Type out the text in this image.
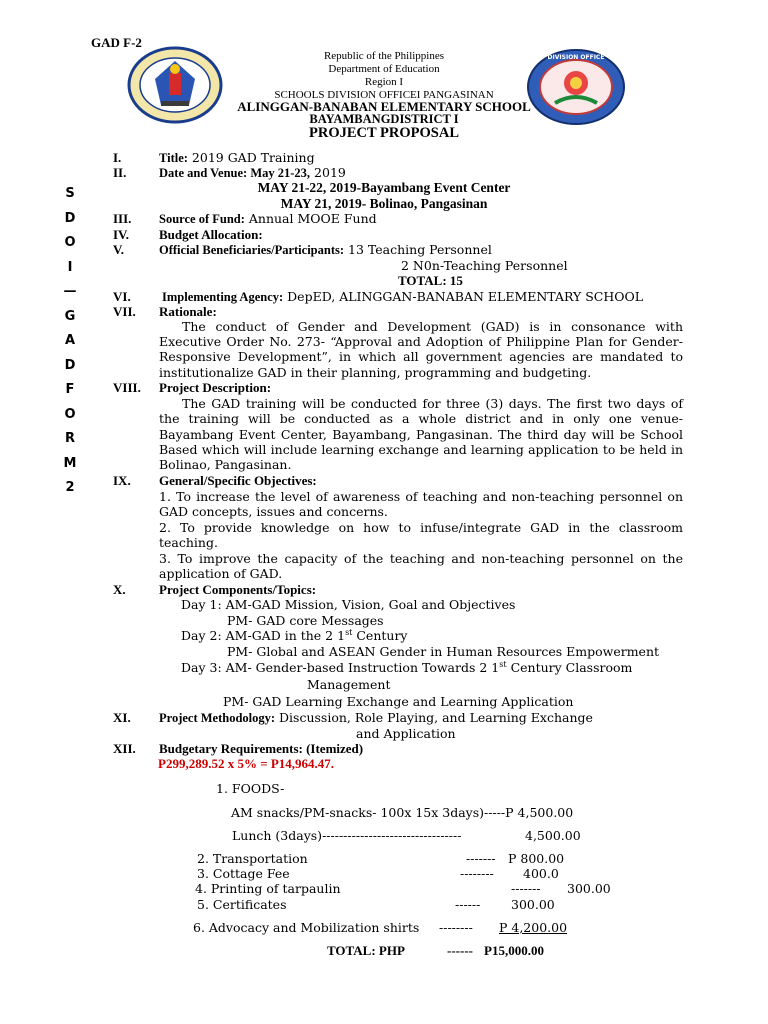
GAD F-2
DIVISION OFFICE
Republic of the Philippines
Department of Education
Region I
SCHOOLS DIVISION OFFICEI PANGASINAN
ALINGGAN-BANABAN ELEMENTARY SCHOOL
BAYAMBANGDISTRICT I
PROJECT PROPOSAL
S
D
O
I
—
G
A
D
F
O
R
M
2
I.	Title: 2019 GAD Training
II.	Date and Venue: May 21-23, 2019
MAY 21-22, 2019-Bayambang Event Center
MAY 21, 2019- Bolinao, Pangasinan
III. Source of Fund: Annual MOOE Fund
IV. Budget Allocation:
V.	Official Beneficiaries/Participants: 13 Teaching Personnel
2 N0n-Teaching Personnel
TOTAL: 15
VI.	Implementing Agency: DepED, ALINGGAN-BANABAN ELEMENTARY SCHOOL
VII. Rationale:
The conduct of Gender and Development (GAD) is in consonance with
Executive Order No. 273- “Approval and Adoption of Philippine Plan for Gender-
Responsive Development”, in which all government agencies are mandated to
institutionalize GAD in their planning, programming and budgeting.
VIII. Project Description:
The GAD training will be conducted for three (3) days. The first two days of
the training will be conducted as a whole district and in only one venue-
Bayambang Event Center, Bayambang, Pangasinan. The third day will be School
Based which will include learning exchange and learning application to be held in
Bolinao, Pangasinan.
IX. General/Specific Objectives:
1. To increase the level of awareness of teaching and non-teaching personnel on
GAD concepts, issues and concerns.
2. To provide knowledge on how to infuse/integrate GAD in the classroom
teaching.
3. To improve the capacity of the teaching and non-teaching personnel on the
application of GAD.
X.	Project Components/Topics:
Day 1: AM-GAD Mission, Vision, Goal and Objectives
PM- GAD core Messages
Day 2: AM-GAD in the 2 1st Century
PM- Global and ASEAN Gender in Human Resources Empowerment
Day 3: AM- Gender-based Instruction Towards 2 1st Century Classroom
Management
PM- GAD Learning Exchange and Learning Application
XI. Project Methodology: Discussion, Role Playing, and Learning Exchange
and Application
XII. Budgetary Requirements: (Itemized)
P299,289.52 x 5% = P14,964.47.
1. FOODS-
AM snacks/PM-snacks- 100x 15x 3days)-----P 4,500.00
Lunch (3days)---------------------------------	4,500.00
2. Transportation	------- P 800.00
3. Cottage Fee	-------- 400.0
4. Printing of tarpaulin	------- 300.00
5. Certificates	------ 300.00
6. Advocacy and Mobilization shirts -------- P 4,200.00
TOTAL: PHP	------ P15,000.00
